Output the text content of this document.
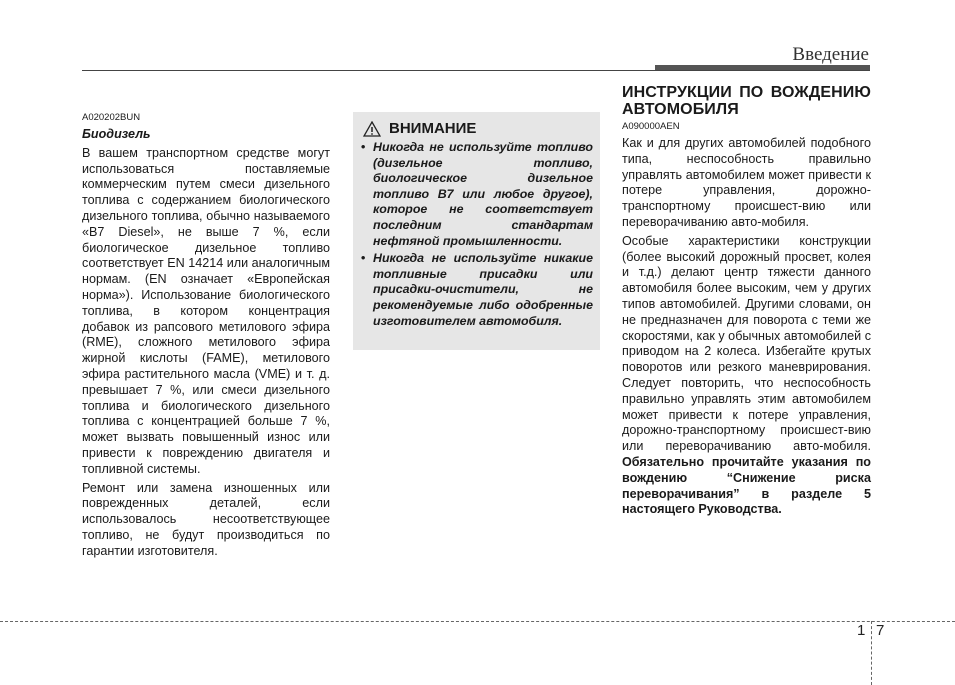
Введение

A020202BUN

Биодизель

В вашем транспортном средстве могут использоваться поставляемые коммерческим путем смеси дизельного топлива с содержанием биологического дизельного топлива, обычно называемого «B7 Diesel», не выше 7 %, если биологическое дизельное топливо соответствует EN 14214 или аналогичным нормам. (EN означает «Европейская норма»). Использование биологического топлива, в котором концентрация добавок из рапсового метилового эфира (RME), сложного метилового эфира жирной кислоты (FAME), метилового эфира растительного масла (VME) и т. д. превышает 7 %, или смеси дизельного топлива и биологического дизельного топлива с концентрацией больше 7 %, может вызвать повышенный износ или привести к повреждению двигателя и топливной системы.

Ремонт или замена изношенных или поврежденных деталей, если использовалось несоответствующее топливо, не будут производиться по гарантии изготовителя.

ВНИМАНИЕ
• Никогда не используйте топливо (дизельное топливо, биологическое дизельное топливо B7 или любое другое), которое не соответствует последним стандартам нефтяной промышленности.
• Никогда не используйте никакие топливные присадки или присадки-очистители, не рекомендуемые либо одобренные изготовителем автомобиля.

ИНСТРУКЦИИ ПО ВОЖДЕНИЮ АВТОМОБИЛЯ

A090000AEN

Как и для других автомобилей подобного типа, неспособность правильно управлять автомобилем может привести к потере управления, дорожно-транспортному происшест-вию или переворачиванию авто-мобиля.

Особые характеристики конструкции (более высокий дорожный просвет, колея и т.д.) делают центр тяжести данного автомобиля более высоким, чем у других типов автомобилей. Другими словами, он не предназначен для поворота с теми же скоростями, как у обычных автомобилей с приводом на 2 колеса. Избегайте крутых поворотов или резкого маневрирования. Следует повторить, что неспособность правильно управлять этим автомобилем может привести к потере управления, дорожно-транспортному происшест-вию или переворачиванию авто-мобиля. Обязательно прочитайте указания по вождению “Снижение риска переворачивания” в разделе 5 настоящего Руководства.

1 7
